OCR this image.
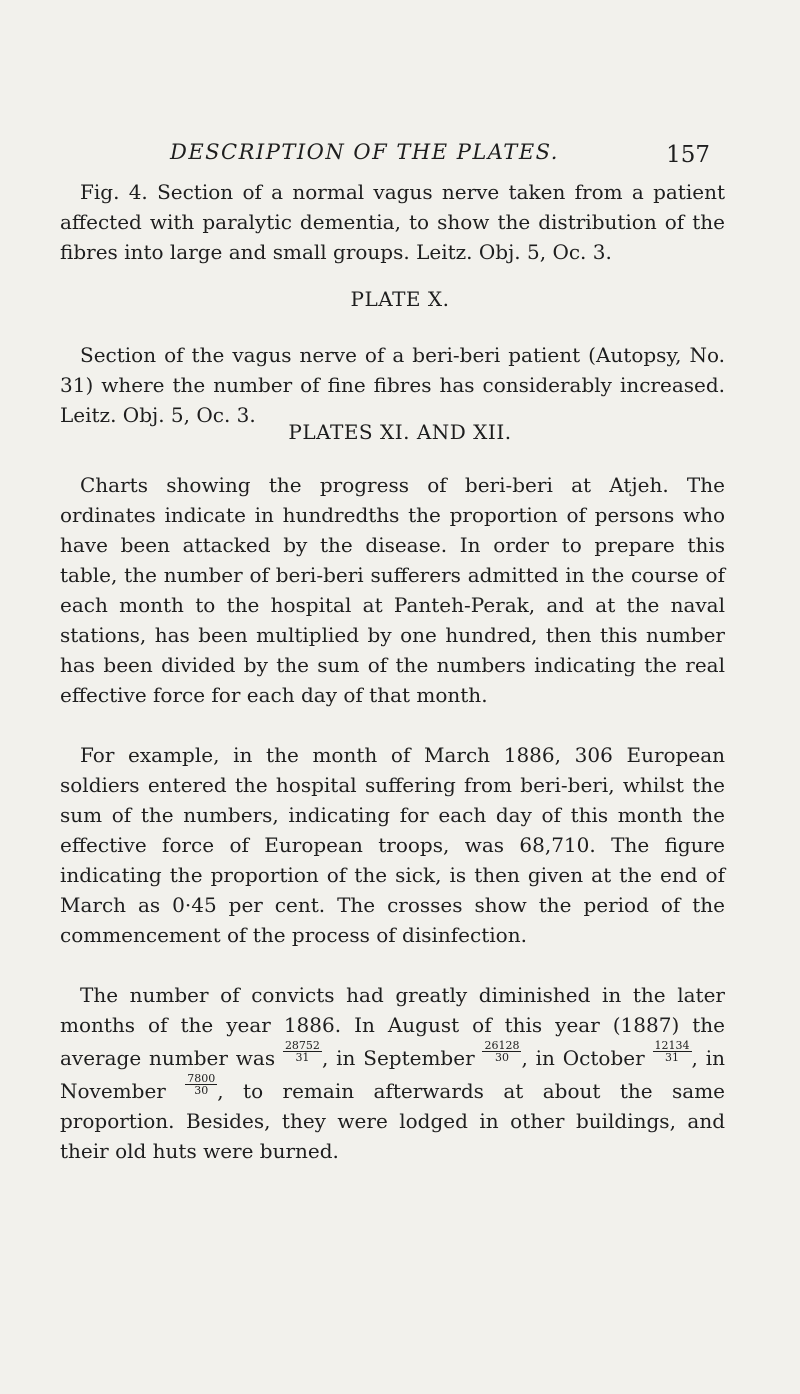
DESCRIPTION OF THE PLATES.	157

Fig. 4. Section of a normal vagus nerve taken from a patient affected with paralytic dementia, to show the distribution of the fibres into large and small groups. Leitz. Obj. 5, Oc. 3.

PLATE X.

Section of the vagus nerve of a beri-beri patient (Autopsy, No. 31) where the number of fine fibres has considerably increased. Leitz. Obj. 5, Oc. 3.

PLATES XI. AND XII.

Charts showing the progress of beri-beri at Atjeh. The ordinates indicate in hundredths the proportion of persons who have been attacked by the disease. In order to prepare this table, the number of beri-beri sufferers admitted in the course of each month to the hospital at Panteh-Perak, and at the naval stations, has been multiplied by one hundred, then this number has been divided by the sum of the numbers indicating the real effective force for each day of that month.

For example, in the month of March 1886, 306 European soldiers entered the hospital suffering from beri-beri, whilst the sum of the numbers, indicating for each day of this month the effective force of European troops, was 68,710. The figure indicating the proportion of the sick, is then given at the end of March as 0·45 per cent. The crosses show the period of the commencement of the process of disinfection.

The number of convicts had greatly diminished in the later months of the year 1886. In August of this year (1887) the average number was $\frac{28752}{31}$ , in September $\frac{26128}{30}$ , in October $\frac{12134}{31}$ , in November $\frac{7800}{30}$ , to remain afterwards at about the same proportion. Besides, they were lodged in other buildings, and their old huts were burned.
